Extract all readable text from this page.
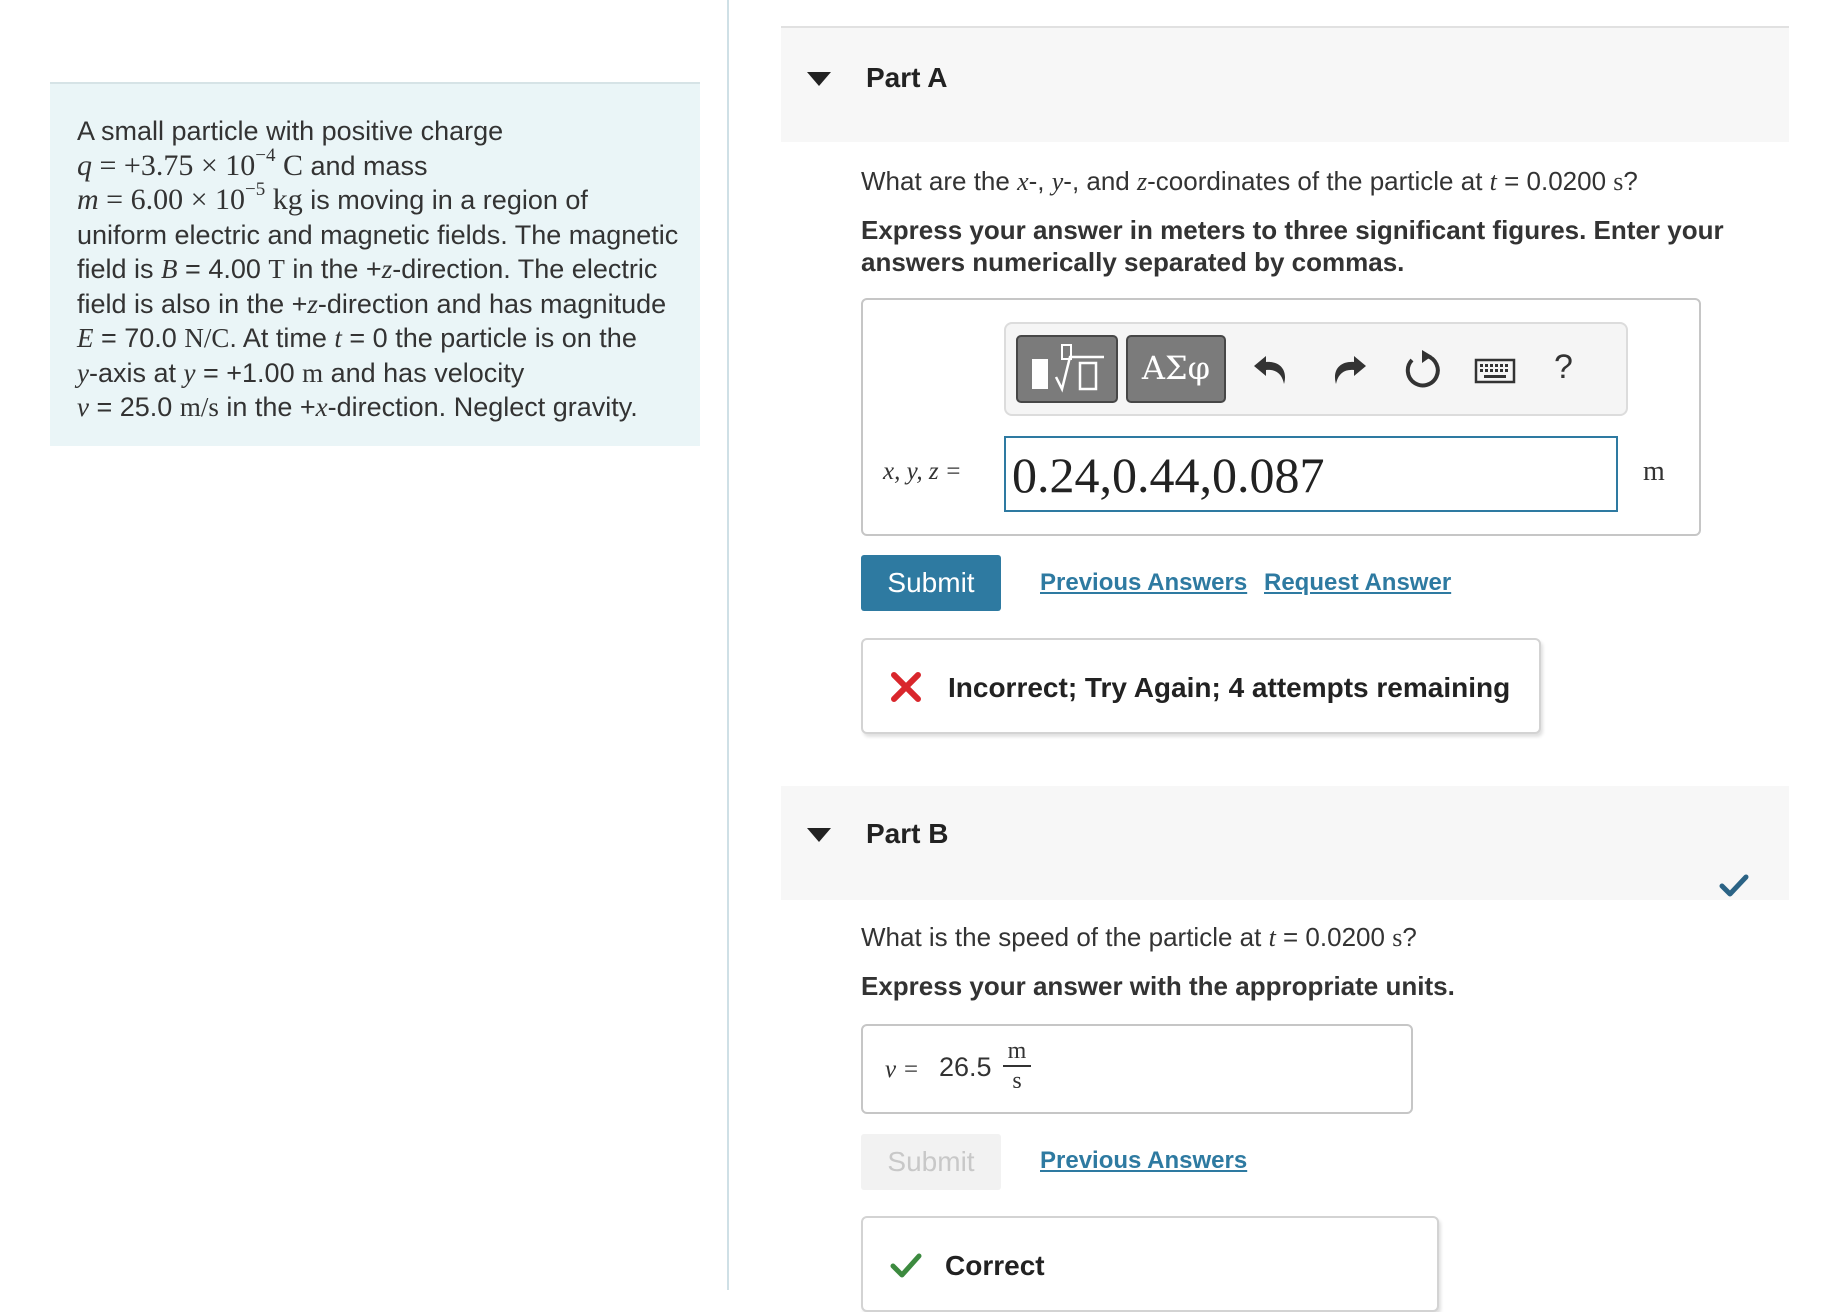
A small particle with positive charge

$q = +3.75 \times 10^{-4}$ C and mass

$m = 6.00 \times 10^{-5}$ kg is moving in a region of

uniform electric and magnetic fields. The magnetic

field is B = 4.00 T in the +z-direction. The electric

field is also in the +z-direction and has magnitude

E = 70.0 N/C. At time t = 0 the particle is on the

y-axis at y = +1.00 m and has velocity

v = 25.0 m/s in the +x-direction. Neglect gravity.

Part A
What are the x-, y-, and z-coordinates of the particle at t = 0.0200 s?
Express your answer in meters to three significant figures. Enter your
answers numerically separated by commas.
ΑΣφ	?
x, y, z = 0.24,0.44,0.087	m
Submit	Previous Answers Request Answer
Incorrect; Try Again; 4 attempts remaining
Part B
What is the speed of the particle at t = 0.0200 s?
Express your answer with the appropriate units.
v = 26.5
m
s
Submit	Previous Answers
Correct
